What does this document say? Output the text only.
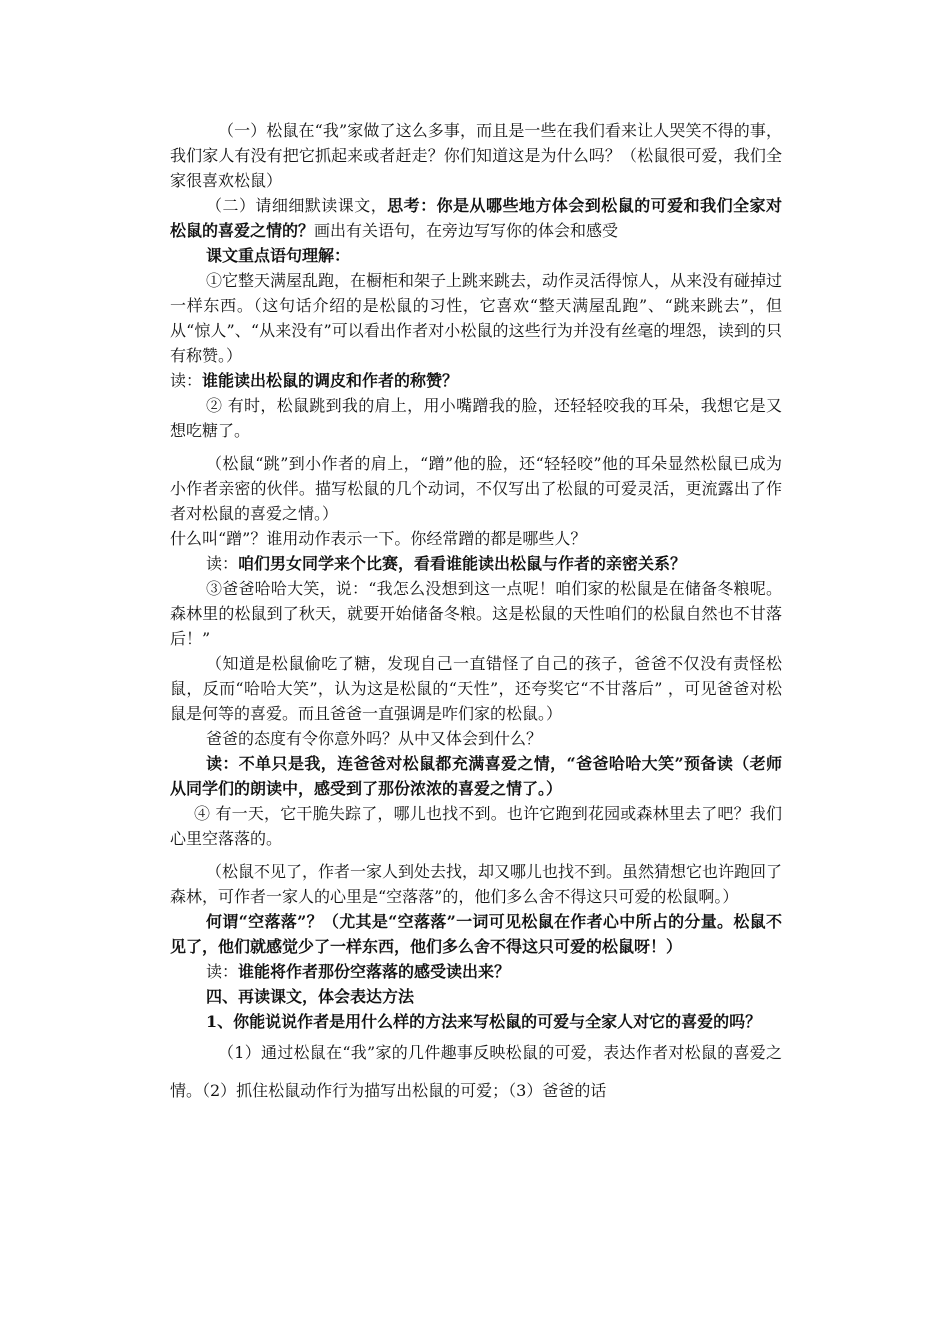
（一）松鼠在“我”家做了这么多事，而且是一些在我们看来让人哭笑不得的事，我们家人有没有把它抓起来或者赶走？你们知道这是为什么吗？（松鼠很可爱，我们全家很喜欢松鼠）

（二）请细细默读课文，思考：你是从哪些地方体会到松鼠的可爱和我们全家对松鼠的喜爱之情的？画出有关语句，在旁边写写你的体会和感受

课文重点语句理解：

①它整天满屋乱跑，在橱柜和架子上跳来跳去，动作灵活得惊人，从来没有碰掉过一样东西。（这句话介绍的是松鼠的习性，它喜欢“整天满屋乱跑”、“跳来跳去”，但从“惊人”、“从来没有”可以看出作者对小松鼠的这些行为并没有丝毫的埋怨，读到的只有称赞。）

读：谁能读出松鼠的调皮和作者的称赞？

② 有时，松鼠跳到我的肩上，用小嘴蹭我的脸，还轻轻咬我的耳朵，我想它是又想吃糖了。

（松鼠“跳”到小作者的肩上，“蹭”他的脸，还“轻轻咬”他的耳朵显然松鼠已成为小作者亲密的伙伴。描写松鼠的几个动词，不仅写出了松鼠的可爱灵活，更流露出了作者对松鼠的喜爱之情。）

什么叫“蹭”？谁用动作表示一下。你经常蹭的都是哪些人？

读：咱们男女同学来个比赛，看看谁能读出松鼠与作者的亲密关系？

③爸爸哈哈大笑，说：“我怎么没想到这一点呢！咱们家的松鼠是在储备冬粮呢。森林里的松鼠到了秋天，就要开始储备冬粮。这是松鼠的天性咱们的松鼠自然也不甘落后！”

（知道是松鼠偷吃了糖，发现自己一直错怪了自己的孩子，爸爸不仅没有责怪松鼠，反而“哈哈大笑”，认为这是松鼠的“天性”，还夸奖它“不甘落后” ，可见爸爸对松鼠是何等的喜爱。而且爸爸一直强调是咋们家的松鼠。）

爸爸的态度有令你意外吗？从中又体会到什么？

读：不单只是我，连爸爸对松鼠都充满喜爱之情，“爸爸哈哈大笑”预备读（老师从同学们的朗读中，感受到了那份浓浓的喜爱之情了。）

④ 有一天，它干脆失踪了，哪儿也找不到。也许它跑到花园或森林里去了吧？我们心里空落落的。

（松鼠不见了，作者一家人到处去找，却又哪儿也找不到。虽然猜想它也许跑回了森林，可作者一家人的心里是“空落落”的，他们多么舍不得这只可爱的松鼠啊。）

何谓“空落落”？（尤其是“空落落”一词可见松鼠在作者心中所占的分量。松鼠不见了，他们就感觉少了一样东西，他们多么舍不得这只可爱的松鼠呀！）

读：谁能将作者那份空落落的感受读出来？

四、再读课文，体会表达方法

1、你能说说作者是用什么样的方法来写松鼠的可爱与全家人对它的喜爱的吗？

（1）通过松鼠在“我”家的几件趣事反映松鼠的可爱，表达作者对松鼠的喜爱之情。（2）抓住松鼠动作行为描写出松鼠的可爱；（3）爸爸的话
